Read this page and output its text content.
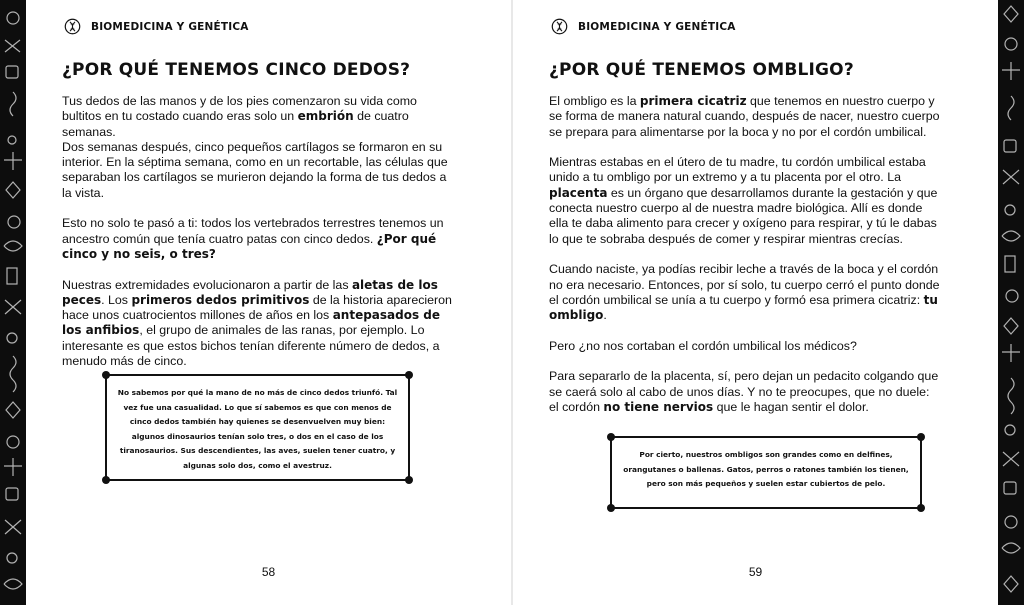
BIOMEDICINA Y GENÉTICA
¿POR QUÉ TENEMOS CINCO DEDOS?

Tus dedos de las manos y de los pies comenzaron su vida como bultitos en tu costado cuando eras solo un embrión de cuatro semanas.
Dos semanas después, cinco pequeños cartílagos se formaron en su interior. En la séptima semana, como en un recortable, las células que separaban los cartílagos se murieron dejando la forma de tus dedos a la vista.

Esto no solo te pasó a ti: todos los vertebrados terrestres tenemos un ancestro común que tenía cuatro patas con cinco dedos. ¿Por qué cinco y no seis, o tres?

Nuestras extremidades evolucionaron a partir de las aletas de los peces. Los primeros dedos primitivos de la historia aparecieron hace unos cuatrocientos millones de años en los antepasados de los anfibios, el grupo de animales de las ranas, por ejemplo. Lo interesante es que estos bichos tenían diferente número de dedos, a menudo más de cinco.

No sabemos por qué la mano de no más de cinco dedos triunfó. Tal vez fue una casualidad. Lo que sí sabemos es que con menos de cinco dedos también hay quienes se desenvuelven muy bien: algunos dinosaurios tenían solo tres, o dos en el caso de los tiranosaurios. Sus descendientes, las aves, suelen tener cuatro, y algunas solo dos, como el avestruz.
58
BIOMEDICINA Y GENÉTICA
¿POR QUÉ TENEMOS OMBLIGO?

El ombligo es la primera cicatriz que tenemos en nuestro cuerpo y se forma de manera natural cuando, después de nacer, nuestro cuerpo se prepara para alimentarse por la boca y no por el cordón umbilical.

Mientras estabas en el útero de tu madre, tu cordón umbilical estaba unido a tu ombligo por un extremo y a tu placenta por el otro. La placenta es un órgano que desarrollamos durante la gestación y que conecta nuestro cuerpo al de nuestra madre biológica. Allí es donde ella te daba alimento para crecer y oxígeno para respirar, y tú le dabas lo que te sobraba después de comer y respirar mientras crecías.

Cuando naciste, ya podías recibir leche a través de la boca y el cordón no era necesario. Entonces, por sí solo, tu cuerpo cerró el punto donde el cordón umbilical se unía a tu cuerpo y formó esa primera cicatriz: tu ombligo.

Pero ¿no nos cortaban el cordón umbilical los médicos?

Para separarlo de la placenta, sí, pero dejan un pedacito colgando que se caerá solo al cabo de unos días. Y no te preocupes, que no duele: el cordón no tiene nervios que le hagan sentir el dolor.

Por cierto, nuestros ombligos son grandes como en delfines, orangutanes o ballenas. Gatos, perros o ratones también los tienen, pero son más pequeños y suelen estar cubiertos de pelo.
59
